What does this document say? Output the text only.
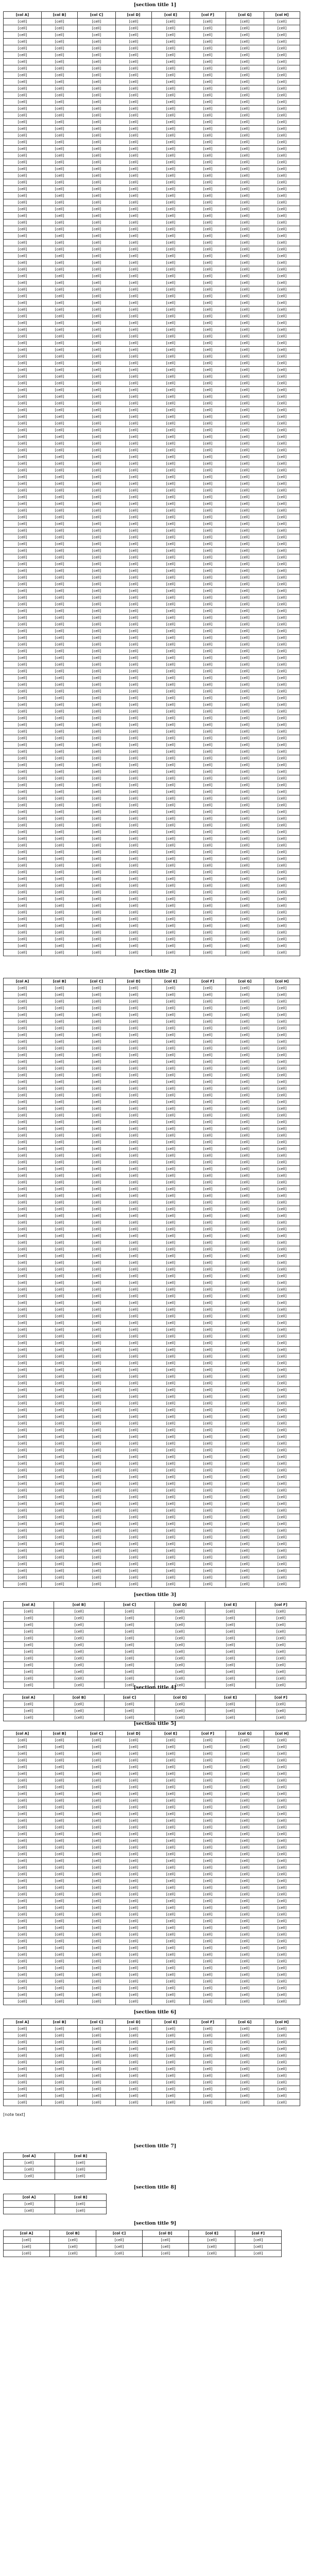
[section title 1]
[col A]	[col B]	[col C]	[col D]	[col E]	[col F]	[col G]	[col H]
[cell]	[cell]	[cell]	[cell]	[cell]	[cell]	[cell]	[cell]
[cell]	[cell]	[cell]	[cell]	[cell]	[cell]	[cell]	[cell]
[cell]	[cell]	[cell]	[cell]	[cell]	[cell]	[cell]	[cell]
[cell]	[cell]	[cell]	[cell]	[cell]	[cell]	[cell]	[cell]
[cell]	[cell]	[cell]	[cell]	[cell]	[cell]	[cell]	[cell]
[cell]	[cell]	[cell]	[cell]	[cell]	[cell]	[cell]	[cell]
[cell]	[cell]	[cell]	[cell]	[cell]	[cell]	[cell]	[cell]
[cell]	[cell]	[cell]	[cell]	[cell]	[cell]	[cell]	[cell]
[cell]	[cell]	[cell]	[cell]	[cell]	[cell]	[cell]	[cell]
[cell]	[cell]	[cell]	[cell]	[cell]	[cell]	[cell]	[cell]
[cell]	[cell]	[cell]	[cell]	[cell]	[cell]	[cell]	[cell]
[cell]	[cell]	[cell]	[cell]	[cell]	[cell]	[cell]	[cell]
[cell]	[cell]	[cell]	[cell]	[cell]	[cell]	[cell]	[cell]
[cell]	[cell]	[cell]	[cell]	[cell]	[cell]	[cell]	[cell]
[cell]	[cell]	[cell]	[cell]	[cell]	[cell]	[cell]	[cell]
[cell]	[cell]	[cell]	[cell]	[cell]	[cell]	[cell]	[cell]
[cell]	[cell]	[cell]	[cell]	[cell]	[cell]	[cell]	[cell]
[cell]	[cell]	[cell]	[cell]	[cell]	[cell]	[cell]	[cell]
[cell]	[cell]	[cell]	[cell]	[cell]	[cell]	[cell]	[cell]
[cell]	[cell]	[cell]	[cell]	[cell]	[cell]	[cell]	[cell]
[cell]	[cell]	[cell]	[cell]	[cell]	[cell]	[cell]	[cell]
[cell]	[cell]	[cell]	[cell]	[cell]	[cell]	[cell]	[cell]
[cell]	[cell]	[cell]	[cell]	[cell]	[cell]	[cell]	[cell]
[cell]	[cell]	[cell]	[cell]	[cell]	[cell]	[cell]	[cell]
[cell]	[cell]	[cell]	[cell]	[cell]	[cell]	[cell]	[cell]
[cell]	[cell]	[cell]	[cell]	[cell]	[cell]	[cell]	[cell]
[cell]	[cell]	[cell]	[cell]	[cell]	[cell]	[cell]	[cell]
[cell]	[cell]	[cell]	[cell]	[cell]	[cell]	[cell]	[cell]
[cell]	[cell]	[cell]	[cell]	[cell]	[cell]	[cell]	[cell]
[cell]	[cell]	[cell]	[cell]	[cell]	[cell]	[cell]	[cell]
[cell]	[cell]	[cell]	[cell]	[cell]	[cell]	[cell]	[cell]
[cell]	[cell]	[cell]	[cell]	[cell]	[cell]	[cell]	[cell]
[cell]	[cell]	[cell]	[cell]	[cell]	[cell]	[cell]	[cell]
[cell]	[cell]	[cell]	[cell]	[cell]	[cell]	[cell]	[cell]
[cell]	[cell]	[cell]	[cell]	[cell]	[cell]	[cell]	[cell]
[cell]	[cell]	[cell]	[cell]	[cell]	[cell]	[cell]	[cell]
[cell]	[cell]	[cell]	[cell]	[cell]	[cell]	[cell]	[cell]
[cell]	[cell]	[cell]	[cell]	[cell]	[cell]	[cell]	[cell]
[cell]	[cell]	[cell]	[cell]	[cell]	[cell]	[cell]	[cell]
[cell]	[cell]	[cell]	[cell]	[cell]	[cell]	[cell]	[cell]
[cell]	[cell]	[cell]	[cell]	[cell]	[cell]	[cell]	[cell]
[cell]	[cell]	[cell]	[cell]	[cell]	[cell]	[cell]	[cell]
[cell]	[cell]	[cell]	[cell]	[cell]	[cell]	[cell]	[cell]
[cell]	[cell]	[cell]	[cell]	[cell]	[cell]	[cell]	[cell]
[cell]	[cell]	[cell]	[cell]	[cell]	[cell]	[cell]	[cell]
[cell]	[cell]	[cell]	[cell]	[cell]	[cell]	[cell]	[cell]
[cell]	[cell]	[cell]	[cell]	[cell]	[cell]	[cell]	[cell]
[cell]	[cell]	[cell]	[cell]	[cell]	[cell]	[cell]	[cell]
[cell]	[cell]	[cell]	[cell]	[cell]	[cell]	[cell]	[cell]
[cell]	[cell]	[cell]	[cell]	[cell]	[cell]	[cell]	[cell]
[cell]	[cell]	[cell]	[cell]	[cell]	[cell]	[cell]	[cell]
[cell]	[cell]	[cell]	[cell]	[cell]	[cell]	[cell]	[cell]
[cell]	[cell]	[cell]	[cell]	[cell]	[cell]	[cell]	[cell]
[cell]	[cell]	[cell]	[cell]	[cell]	[cell]	[cell]	[cell]
[cell]	[cell]	[cell]	[cell]	[cell]	[cell]	[cell]	[cell]
[cell]	[cell]	[cell]	[cell]	[cell]	[cell]	[cell]	[cell]
[cell]	[cell]	[cell]	[cell]	[cell]	[cell]	[cell]	[cell]
[cell]	[cell]	[cell]	[cell]	[cell]	[cell]	[cell]	[cell]
[cell]	[cell]	[cell]	[cell]	[cell]	[cell]	[cell]	[cell]
[cell]	[cell]	[cell]	[cell]	[cell]	[cell]	[cell]	[cell]
[cell]	[cell]	[cell]	[cell]	[cell]	[cell]	[cell]	[cell]
[cell]	[cell]	[cell]	[cell]	[cell]	[cell]	[cell]	[cell]
[cell]	[cell]	[cell]	[cell]	[cell]	[cell]	[cell]	[cell]
[cell]	[cell]	[cell]	[cell]	[cell]	[cell]	[cell]	[cell]
[cell]	[cell]	[cell]	[cell]	[cell]	[cell]	[cell]	[cell]
[cell]	[cell]	[cell]	[cell]	[cell]	[cell]	[cell]	[cell]
[cell]	[cell]	[cell]	[cell]	[cell]	[cell]	[cell]	[cell]
[cell]	[cell]	[cell]	[cell]	[cell]	[cell]	[cell]	[cell]
[cell]	[cell]	[cell]	[cell]	[cell]	[cell]	[cell]	[cell]
[cell]	[cell]	[cell]	[cell]	[cell]	[cell]	[cell]	[cell]
[cell]	[cell]	[cell]	[cell]	[cell]	[cell]	[cell]	[cell]
[cell]	[cell]	[cell]	[cell]	[cell]	[cell]	[cell]	[cell]
[cell]	[cell]	[cell]	[cell]	[cell]	[cell]	[cell]	[cell]
[cell]	[cell]	[cell]	[cell]	[cell]	[cell]	[cell]	[cell]
[cell]	[cell]	[cell]	[cell]	[cell]	[cell]	[cell]	[cell]
[cell]	[cell]	[cell]	[cell]	[cell]	[cell]	[cell]	[cell]
[cell]	[cell]	[cell]	[cell]	[cell]	[cell]	[cell]	[cell]
[cell]	[cell]	[cell]	[cell]	[cell]	[cell]	[cell]	[cell]
[cell]	[cell]	[cell]	[cell]	[cell]	[cell]	[cell]	[cell]
[cell]	[cell]	[cell]	[cell]	[cell]	[cell]	[cell]	[cell]
[cell]	[cell]	[cell]	[cell]	[cell]	[cell]	[cell]	[cell]
[cell]	[cell]	[cell]	[cell]	[cell]	[cell]	[cell]	[cell]
[cell]	[cell]	[cell]	[cell]	[cell]	[cell]	[cell]	[cell]
[cell]	[cell]	[cell]	[cell]	[cell]	[cell]	[cell]	[cell]
[cell]	[cell]	[cell]	[cell]	[cell]	[cell]	[cell]	[cell]
[cell]	[cell]	[cell]	[cell]	[cell]	[cell]	[cell]	[cell]
[cell]	[cell]	[cell]	[cell]	[cell]	[cell]	[cell]	[cell]
[cell]	[cell]	[cell]	[cell]	[cell]	[cell]	[cell]	[cell]
[cell]	[cell]	[cell]	[cell]	[cell]	[cell]	[cell]	[cell]
[cell]	[cell]	[cell]	[cell]	[cell]	[cell]	[cell]	[cell]
[cell]	[cell]	[cell]	[cell]	[cell]	[cell]	[cell]	[cell]
[cell]	[cell]	[cell]	[cell]	[cell]	[cell]	[cell]	[cell]
[cell]	[cell]	[cell]	[cell]	[cell]	[cell]	[cell]	[cell]
[cell]	[cell]	[cell]	[cell]	[cell]	[cell]	[cell]	[cell]
[cell]	[cell]	[cell]	[cell]	[cell]	[cell]	[cell]	[cell]
[cell]	[cell]	[cell]	[cell]	[cell]	[cell]	[cell]	[cell]
[cell]	[cell]	[cell]	[cell]	[cell]	[cell]	[cell]	[cell]
[cell]	[cell]	[cell]	[cell]	[cell]	[cell]	[cell]	[cell]
[cell]	[cell]	[cell]	[cell]	[cell]	[cell]	[cell]	[cell]
[cell]	[cell]	[cell]	[cell]	[cell]	[cell]	[cell]	[cell]
[cell]	[cell]	[cell]	[cell]	[cell]	[cell]	[cell]	[cell]
[cell]	[cell]	[cell]	[cell]	[cell]	[cell]	[cell]	[cell]
[cell]	[cell]	[cell]	[cell]	[cell]	[cell]	[cell]	[cell]
[cell]	[cell]	[cell]	[cell]	[cell]	[cell]	[cell]	[cell]
[cell]	[cell]	[cell]	[cell]	[cell]	[cell]	[cell]	[cell]
[cell]	[cell]	[cell]	[cell]	[cell]	[cell]	[cell]	[cell]
[cell]	[cell]	[cell]	[cell]	[cell]	[cell]	[cell]	[cell]
[cell]	[cell]	[cell]	[cell]	[cell]	[cell]	[cell]	[cell]
[cell]	[cell]	[cell]	[cell]	[cell]	[cell]	[cell]	[cell]
[cell]	[cell]	[cell]	[cell]	[cell]	[cell]	[cell]	[cell]
[cell]	[cell]	[cell]	[cell]	[cell]	[cell]	[cell]	[cell]
[cell]	[cell]	[cell]	[cell]	[cell]	[cell]	[cell]	[cell]
[cell]	[cell]	[cell]	[cell]	[cell]	[cell]	[cell]	[cell]
[cell]	[cell]	[cell]	[cell]	[cell]	[cell]	[cell]	[cell]
[cell]	[cell]	[cell]	[cell]	[cell]	[cell]	[cell]	[cell]
[cell]	[cell]	[cell]	[cell]	[cell]	[cell]	[cell]	[cell]
[cell]	[cell]	[cell]	[cell]	[cell]	[cell]	[cell]	[cell]
[cell]	[cell]	[cell]	[cell]	[cell]	[cell]	[cell]	[cell]
[cell]	[cell]	[cell]	[cell]	[cell]	[cell]	[cell]	[cell]
[cell]	[cell]	[cell]	[cell]	[cell]	[cell]	[cell]	[cell]
[cell]	[cell]	[cell]	[cell]	[cell]	[cell]	[cell]	[cell]
[cell]	[cell]	[cell]	[cell]	[cell]	[cell]	[cell]	[cell]
[cell]	[cell]	[cell]	[cell]	[cell]	[cell]	[cell]	[cell]
[cell]	[cell]	[cell]	[cell]	[cell]	[cell]	[cell]	[cell]
[cell]	[cell]	[cell]	[cell]	[cell]	[cell]	[cell]	[cell]
[cell]	[cell]	[cell]	[cell]	[cell]	[cell]	[cell]	[cell]
[cell]	[cell]	[cell]	[cell]	[cell]	[cell]	[cell]	[cell]
[cell]	[cell]	[cell]	[cell]	[cell]	[cell]	[cell]	[cell]
[cell]	[cell]	[cell]	[cell]	[cell]	[cell]	[cell]	[cell]
[cell]	[cell]	[cell]	[cell]	[cell]	[cell]	[cell]	[cell]
[cell]	[cell]	[cell]	[cell]	[cell]	[cell]	[cell]	[cell]
[cell]	[cell]	[cell]	[cell]	[cell]	[cell]	[cell]	[cell]
[cell]	[cell]	[cell]	[cell]	[cell]	[cell]	[cell]	[cell]
[cell]	[cell]	[cell]	[cell]	[cell]	[cell]	[cell]	[cell]
[cell]	[cell]	[cell]	[cell]	[cell]	[cell]	[cell]	[cell]
[cell]	[cell]	[cell]	[cell]	[cell]	[cell]	[cell]	[cell]
[cell]	[cell]	[cell]	[cell]	[cell]	[cell]	[cell]	[cell]
[cell]	[cell]	[cell]	[cell]	[cell]	[cell]	[cell]	[cell]
[cell]	[cell]	[cell]	[cell]	[cell]	[cell]	[cell]	[cell]
[cell]	[cell]	[cell]	[cell]	[cell]	[cell]	[cell]	[cell]
[section title 2]
[col A]	[col B]	[col C]	[col D]	[col E]	[col F]	[col G]	[col H]
[cell]	[cell]	[cell]	[cell]	[cell]	[cell]	[cell]	[cell]
[cell]	[cell]	[cell]	[cell]	[cell]	[cell]	[cell]	[cell]
[cell]	[cell]	[cell]	[cell]	[cell]	[cell]	[cell]	[cell]
[cell]	[cell]	[cell]	[cell]	[cell]	[cell]	[cell]	[cell]
[cell]	[cell]	[cell]	[cell]	[cell]	[cell]	[cell]	[cell]
[cell]	[cell]	[cell]	[cell]	[cell]	[cell]	[cell]	[cell]
[cell]	[cell]	[cell]	[cell]	[cell]	[cell]	[cell]	[cell]
[cell]	[cell]	[cell]	[cell]	[cell]	[cell]	[cell]	[cell]
[cell]	[cell]	[cell]	[cell]	[cell]	[cell]	[cell]	[cell]
[cell]	[cell]	[cell]	[cell]	[cell]	[cell]	[cell]	[cell]
[cell]	[cell]	[cell]	[cell]	[cell]	[cell]	[cell]	[cell]
[cell]	[cell]	[cell]	[cell]	[cell]	[cell]	[cell]	[cell]
[cell]	[cell]	[cell]	[cell]	[cell]	[cell]	[cell]	[cell]
[cell]	[cell]	[cell]	[cell]	[cell]	[cell]	[cell]	[cell]
[cell]	[cell]	[cell]	[cell]	[cell]	[cell]	[cell]	[cell]
[cell]	[cell]	[cell]	[cell]	[cell]	[cell]	[cell]	[cell]
[cell]	[cell]	[cell]	[cell]	[cell]	[cell]	[cell]	[cell]
[cell]	[cell]	[cell]	[cell]	[cell]	[cell]	[cell]	[cell]
[cell]	[cell]	[cell]	[cell]	[cell]	[cell]	[cell]	[cell]
[cell]	[cell]	[cell]	[cell]	[cell]	[cell]	[cell]	[cell]
[cell]	[cell]	[cell]	[cell]	[cell]	[cell]	[cell]	[cell]
[cell]	[cell]	[cell]	[cell]	[cell]	[cell]	[cell]	[cell]
[cell]	[cell]	[cell]	[cell]	[cell]	[cell]	[cell]	[cell]
[cell]	[cell]	[cell]	[cell]	[cell]	[cell]	[cell]	[cell]
[cell]	[cell]	[cell]	[cell]	[cell]	[cell]	[cell]	[cell]
[cell]	[cell]	[cell]	[cell]	[cell]	[cell]	[cell]	[cell]
[cell]	[cell]	[cell]	[cell]	[cell]	[cell]	[cell]	[cell]
[cell]	[cell]	[cell]	[cell]	[cell]	[cell]	[cell]	[cell]
[cell]	[cell]	[cell]	[cell]	[cell]	[cell]	[cell]	[cell]
[cell]	[cell]	[cell]	[cell]	[cell]	[cell]	[cell]	[cell]
[cell]	[cell]	[cell]	[cell]	[cell]	[cell]	[cell]	[cell]
[cell]	[cell]	[cell]	[cell]	[cell]	[cell]	[cell]	[cell]
[cell]	[cell]	[cell]	[cell]	[cell]	[cell]	[cell]	[cell]
[cell]	[cell]	[cell]	[cell]	[cell]	[cell]	[cell]	[cell]
[cell]	[cell]	[cell]	[cell]	[cell]	[cell]	[cell]	[cell]
[cell]	[cell]	[cell]	[cell]	[cell]	[cell]	[cell]	[cell]
[cell]	[cell]	[cell]	[cell]	[cell]	[cell]	[cell]	[cell]
[cell]	[cell]	[cell]	[cell]	[cell]	[cell]	[cell]	[cell]
[cell]	[cell]	[cell]	[cell]	[cell]	[cell]	[cell]	[cell]
[cell]	[cell]	[cell]	[cell]	[cell]	[cell]	[cell]	[cell]
[cell]	[cell]	[cell]	[cell]	[cell]	[cell]	[cell]	[cell]
[cell]	[cell]	[cell]	[cell]	[cell]	[cell]	[cell]	[cell]
[cell]	[cell]	[cell]	[cell]	[cell]	[cell]	[cell]	[cell]
[cell]	[cell]	[cell]	[cell]	[cell]	[cell]	[cell]	[cell]
[cell]	[cell]	[cell]	[cell]	[cell]	[cell]	[cell]	[cell]
[cell]	[cell]	[cell]	[cell]	[cell]	[cell]	[cell]	[cell]
[cell]	[cell]	[cell]	[cell]	[cell]	[cell]	[cell]	[cell]
[cell]	[cell]	[cell]	[cell]	[cell]	[cell]	[cell]	[cell]
[cell]	[cell]	[cell]	[cell]	[cell]	[cell]	[cell]	[cell]
[cell]	[cell]	[cell]	[cell]	[cell]	[cell]	[cell]	[cell]
[cell]	[cell]	[cell]	[cell]	[cell]	[cell]	[cell]	[cell]
[cell]	[cell]	[cell]	[cell]	[cell]	[cell]	[cell]	[cell]
[cell]	[cell]	[cell]	[cell]	[cell]	[cell]	[cell]	[cell]
[cell]	[cell]	[cell]	[cell]	[cell]	[cell]	[cell]	[cell]
[cell]	[cell]	[cell]	[cell]	[cell]	[cell]	[cell]	[cell]
[cell]	[cell]	[cell]	[cell]	[cell]	[cell]	[cell]	[cell]
[cell]	[cell]	[cell]	[cell]	[cell]	[cell]	[cell]	[cell]
[cell]	[cell]	[cell]	[cell]	[cell]	[cell]	[cell]	[cell]
[cell]	[cell]	[cell]	[cell]	[cell]	[cell]	[cell]	[cell]
[cell]	[cell]	[cell]	[cell]	[cell]	[cell]	[cell]	[cell]
[cell]	[cell]	[cell]	[cell]	[cell]	[cell]	[cell]	[cell]
[cell]	[cell]	[cell]	[cell]	[cell]	[cell]	[cell]	[cell]
[cell]	[cell]	[cell]	[cell]	[cell]	[cell]	[cell]	[cell]
[cell]	[cell]	[cell]	[cell]	[cell]	[cell]	[cell]	[cell]
[cell]	[cell]	[cell]	[cell]	[cell]	[cell]	[cell]	[cell]
[cell]	[cell]	[cell]	[cell]	[cell]	[cell]	[cell]	[cell]
[cell]	[cell]	[cell]	[cell]	[cell]	[cell]	[cell]	[cell]
[cell]	[cell]	[cell]	[cell]	[cell]	[cell]	[cell]	[cell]
[cell]	[cell]	[cell]	[cell]	[cell]	[cell]	[cell]	[cell]
[cell]	[cell]	[cell]	[cell]	[cell]	[cell]	[cell]	[cell]
[cell]	[cell]	[cell]	[cell]	[cell]	[cell]	[cell]	[cell]
[cell]	[cell]	[cell]	[cell]	[cell]	[cell]	[cell]	[cell]
[cell]	[cell]	[cell]	[cell]	[cell]	[cell]	[cell]	[cell]
[cell]	[cell]	[cell]	[cell]	[cell]	[cell]	[cell]	[cell]
[cell]	[cell]	[cell]	[cell]	[cell]	[cell]	[cell]	[cell]
[cell]	[cell]	[cell]	[cell]	[cell]	[cell]	[cell]	[cell]
[cell]	[cell]	[cell]	[cell]	[cell]	[cell]	[cell]	[cell]
[cell]	[cell]	[cell]	[cell]	[cell]	[cell]	[cell]	[cell]
[cell]	[cell]	[cell]	[cell]	[cell]	[cell]	[cell]	[cell]
[cell]	[cell]	[cell]	[cell]	[cell]	[cell]	[cell]	[cell]
[cell]	[cell]	[cell]	[cell]	[cell]	[cell]	[cell]	[cell]
[cell]	[cell]	[cell]	[cell]	[cell]	[cell]	[cell]	[cell]
[cell]	[cell]	[cell]	[cell]	[cell]	[cell]	[cell]	[cell]
[cell]	[cell]	[cell]	[cell]	[cell]	[cell]	[cell]	[cell]
[cell]	[cell]	[cell]	[cell]	[cell]	[cell]	[cell]	[cell]
[cell]	[cell]	[cell]	[cell]	[cell]	[cell]	[cell]	[cell]
[cell]	[cell]	[cell]	[cell]	[cell]	[cell]	[cell]	[cell]
[cell]	[cell]	[cell]	[cell]	[cell]	[cell]	[cell]	[cell]
[cell]	[cell]	[cell]	[cell]	[cell]	[cell]	[cell]	[cell]
[cell]	[cell]	[cell]	[cell]	[cell]	[cell]	[cell]	[cell]
[section title 3]
[col A]	[col B]	[col C]	[col D]	[col E]	[col F]
[cell]	[cell]	[cell]	[cell]	[cell]	[cell]
[cell]	[cell]	[cell]	[cell]	[cell]	[cell]
[cell]	[cell]	[cell]	[cell]	[cell]	[cell]
[cell]	[cell]	[cell]	[cell]	[cell]	[cell]
[cell]	[cell]	[cell]	[cell]	[cell]	[cell]
[cell]	[cell]	[cell]	[cell]	[cell]	[cell]
[cell]	[cell]	[cell]	[cell]	[cell]	[cell]
[cell]	[cell]	[cell]	[cell]	[cell]	[cell]
[cell]	[cell]	[cell]	[cell]	[cell]	[cell]
[cell]	[cell]	[cell]	[cell]	[cell]	[cell]
[cell]	[cell]	[cell]	[cell]	[cell]	[cell]
[cell]	[cell]	[cell]	[cell]	[cell]	[cell]
[section title 4]
[col A]	[col B]	[col C]	[col D]	[col E]	[col F]
[cell]	[cell]	[cell]	[cell]	[cell]	[cell]
[cell]	[cell]	[cell]	[cell]	[cell]	[cell]
[cell]	[cell]	[cell]	[cell]	[cell]	[cell]
[section title 5]
[col A]	[col B]	[col C]	[col D]	[col E]	[col F]	[col G]	[col H]
[cell]	[cell]	[cell]	[cell]	[cell]	[cell]	[cell]	[cell]
[cell]	[cell]	[cell]	[cell]	[cell]	[cell]	[cell]	[cell]
[cell]	[cell]	[cell]	[cell]	[cell]	[cell]	[cell]	[cell]
[cell]	[cell]	[cell]	[cell]	[cell]	[cell]	[cell]	[cell]
[cell]	[cell]	[cell]	[cell]	[cell]	[cell]	[cell]	[cell]
[cell]	[cell]	[cell]	[cell]	[cell]	[cell]	[cell]	[cell]
[cell]	[cell]	[cell]	[cell]	[cell]	[cell]	[cell]	[cell]
[cell]	[cell]	[cell]	[cell]	[cell]	[cell]	[cell]	[cell]
[cell]	[cell]	[cell]	[cell]	[cell]	[cell]	[cell]	[cell]
[cell]	[cell]	[cell]	[cell]	[cell]	[cell]	[cell]	[cell]
[cell]	[cell]	[cell]	[cell]	[cell]	[cell]	[cell]	[cell]
[cell]	[cell]	[cell]	[cell]	[cell]	[cell]	[cell]	[cell]
[cell]	[cell]	[cell]	[cell]	[cell]	[cell]	[cell]	[cell]
[cell]	[cell]	[cell]	[cell]	[cell]	[cell]	[cell]	[cell]
[cell]	[cell]	[cell]	[cell]	[cell]	[cell]	[cell]	[cell]
[cell]	[cell]	[cell]	[cell]	[cell]	[cell]	[cell]	[cell]
[cell]	[cell]	[cell]	[cell]	[cell]	[cell]	[cell]	[cell]
[cell]	[cell]	[cell]	[cell]	[cell]	[cell]	[cell]	[cell]
[cell]	[cell]	[cell]	[cell]	[cell]	[cell]	[cell]	[cell]
[cell]	[cell]	[cell]	[cell]	[cell]	[cell]	[cell]	[cell]
[cell]	[cell]	[cell]	[cell]	[cell]	[cell]	[cell]	[cell]
[cell]	[cell]	[cell]	[cell]	[cell]	[cell]	[cell]	[cell]
[cell]	[cell]	[cell]	[cell]	[cell]	[cell]	[cell]	[cell]
[cell]	[cell]	[cell]	[cell]	[cell]	[cell]	[cell]	[cell]
[cell]	[cell]	[cell]	[cell]	[cell]	[cell]	[cell]	[cell]
[cell]	[cell]	[cell]	[cell]	[cell]	[cell]	[cell]	[cell]
[cell]	[cell]	[cell]	[cell]	[cell]	[cell]	[cell]	[cell]
[cell]	[cell]	[cell]	[cell]	[cell]	[cell]	[cell]	[cell]
[cell]	[cell]	[cell]	[cell]	[cell]	[cell]	[cell]	[cell]
[cell]	[cell]	[cell]	[cell]	[cell]	[cell]	[cell]	[cell]
[cell]	[cell]	[cell]	[cell]	[cell]	[cell]	[cell]	[cell]
[cell]	[cell]	[cell]	[cell]	[cell]	[cell]	[cell]	[cell]
[cell]	[cell]	[cell]	[cell]	[cell]	[cell]	[cell]	[cell]
[cell]	[cell]	[cell]	[cell]	[cell]	[cell]	[cell]	[cell]
[cell]	[cell]	[cell]	[cell]	[cell]	[cell]	[cell]	[cell]
[cell]	[cell]	[cell]	[cell]	[cell]	[cell]	[cell]	[cell]
[cell]	[cell]	[cell]	[cell]	[cell]	[cell]	[cell]	[cell]
[cell]	[cell]	[cell]	[cell]	[cell]	[cell]	[cell]	[cell]
[cell]	[cell]	[cell]	[cell]	[cell]	[cell]	[cell]	[cell]
[cell]	[cell]	[cell]	[cell]	[cell]	[cell]	[cell]	[cell]
[section title 6]
[col A]	[col B]	[col C]	[col D]	[col E]	[col F]	[col G]	[col H]
[cell]	[cell]	[cell]	[cell]	[cell]	[cell]	[cell]	[cell]
[cell]	[cell]	[cell]	[cell]	[cell]	[cell]	[cell]	[cell]
[cell]	[cell]	[cell]	[cell]	[cell]	[cell]	[cell]	[cell]
[cell]	[cell]	[cell]	[cell]	[cell]	[cell]	[cell]	[cell]
[cell]	[cell]	[cell]	[cell]	[cell]	[cell]	[cell]	[cell]
[cell]	[cell]	[cell]	[cell]	[cell]	[cell]	[cell]	[cell]
[cell]	[cell]	[cell]	[cell]	[cell]	[cell]	[cell]	[cell]
[cell]	[cell]	[cell]	[cell]	[cell]	[cell]	[cell]	[cell]
[cell]	[cell]	[cell]	[cell]	[cell]	[cell]	[cell]	[cell]
[cell]	[cell]	[cell]	[cell]	[cell]	[cell]	[cell]	[cell]
[cell]	[cell]	[cell]	[cell]	[cell]	[cell]	[cell]	[cell]
[cell]	[cell]	[cell]	[cell]	[cell]	[cell]	[cell]	[cell]
[section title 7]
[col A]	[col B]
[cell]	[cell]
[cell]	[cell]
[cell]	[cell]
[section title 8]
[col A]	[col B]
[cell]	[cell]
[cell]	[cell]
[section title 9]
[col A]	[col B]	[col C]	[col D]	[col E]	[col F]
[cell]	[cell]	[cell]	[cell]	[cell]	[cell]
[cell]	[cell]	[cell]	[cell]	[cell]	[cell]
[cell]	[cell]	[cell]	[cell]	[cell]	[cell]
[note text]
